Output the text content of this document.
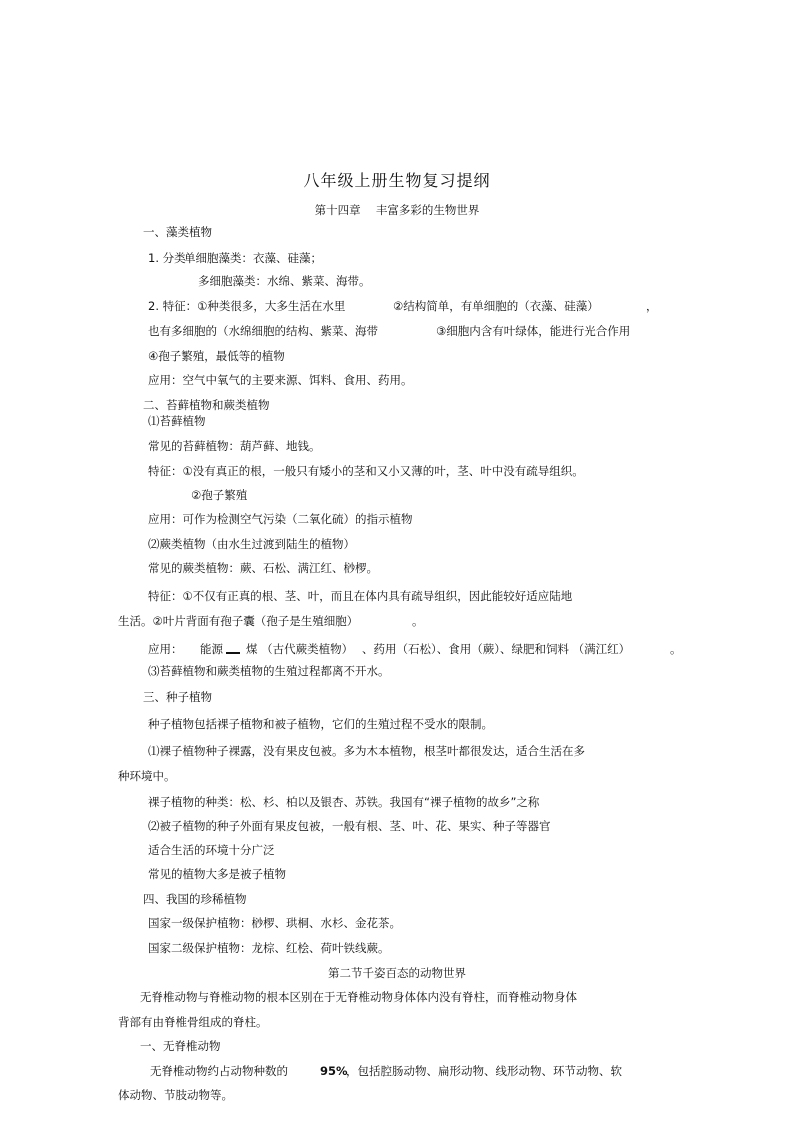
八年级上册生物复习提纲
第十四章　 丰富多彩的生物世界
一、藻类植物
1. 分类
单细胞藻类：衣藻、硅藻；
多细胞藻类：水绵、紫菜、海带。
2. 特征：①种类很多，大多生活在水里	②结构简单，有单细胞的（衣藻、硅藻）	，
也有多细胞的（水绵细胞的结构、紫菜、海带	③细胞内含有叶绿体，能进行光合作用
④孢子繁殖，最低等的植物
应用：空气中氧气的主要来源、饵料、食用、药用。
二、苔藓植物和蕨类植物
⑴苔藓植物
常见的苔藓植物：葫芦藓、地钱。
特征：①没有真正的根，一般只有矮小的茎和又小又薄的叶，茎、叶中没有疏导组织。
②孢子繁殖
应用：可作为检测空气污染（二氧化硫）的指示植物
⑵蕨类植物（由水生过渡到陆生的植物）
常见的蕨类植物：蕨、石松、满江红、桫椤。
特征：①不仅有正真的根、茎、叶，而且在体内具有疏导组织，因此能较好适应陆地
生活。②叶片背面有孢子囊（孢子是生殖细胞）	。
应用： 能源 煤 （古代蕨类植物） 、药用（石松）、食用（蕨）、绿肥和饲料 （满江红）	。
⑶苔藓植物和蕨类植物的生殖过程都离不开水。
三、种子植物
种子植物包括裸子植物和被子植物，它们的生殖过程不受水的限制。
⑴裸子植物种子裸露，没有果皮包被。多为木本植物，根茎叶都很发达，适合生活在多
种环境中。
裸子植物的种类：松、杉、柏以及银杏、苏铁。我国有“裸子植物的故乡”之称
⑵被子植物的种子外面有果皮包被，一般有根、茎、叶、花、果实、种子等器官
适合生活的环境十分广泛
常见的植物大多是被子植物
四、我国的珍稀植物
国家一级保护植物：桫椤、珙桐、水杉、金花茶。
国家二级保护植物：龙棕、红桧、荷叶铁线蕨。
第二节千姿百态的动物世界
无脊椎动物与脊椎动物的根本区别在于无脊椎动物身体体内没有脊柱，而脊椎动物身体
背部有由脊椎骨组成的脊柱。
一、无脊椎动物
无脊椎动物约占动物种数的	95%
，包括腔肠动物、扁形动物、线形动物、环节动物、软
体动物、节肢动物等。
